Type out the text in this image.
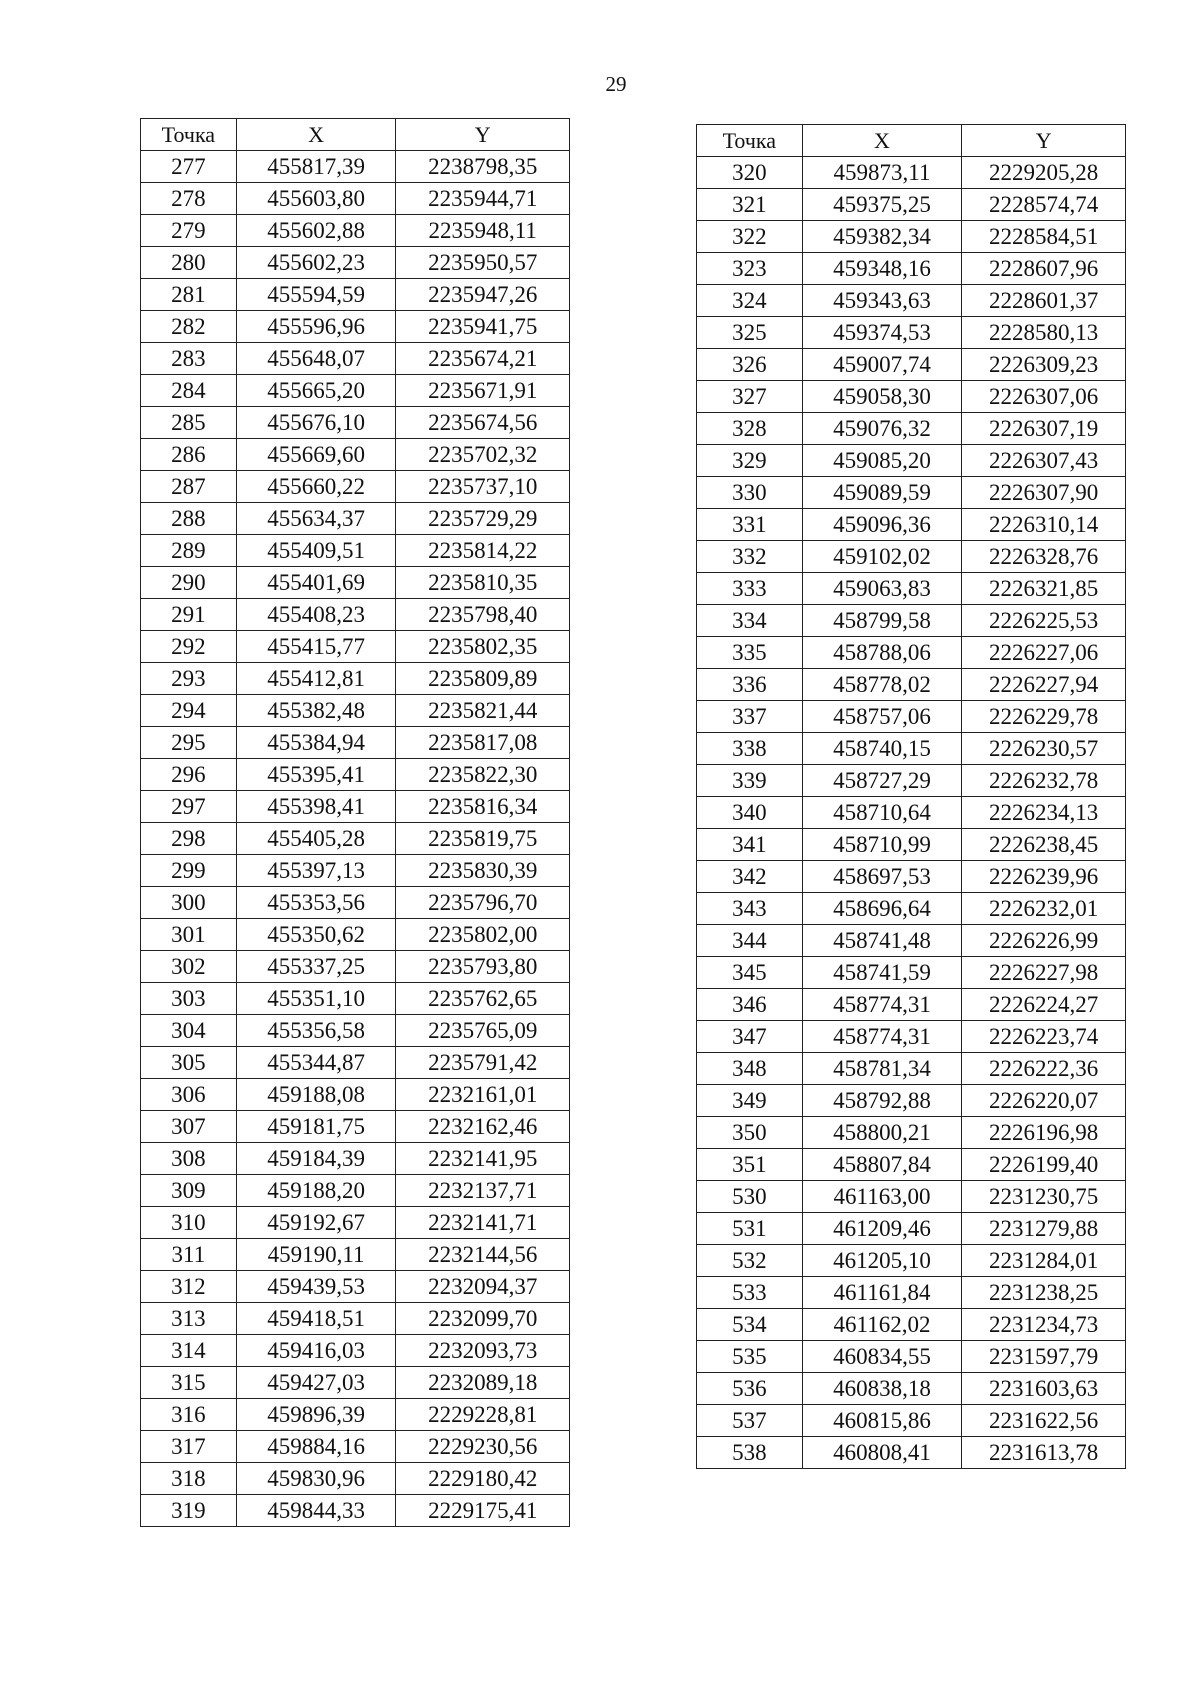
29
Точка	X	Y
277	455817,39	2238798,35
278	455603,80	2235944,71
279	455602,88	2235948,11
280	455602,23	2235950,57
281	455594,59	2235947,26
282	455596,96	2235941,75
283	455648,07	2235674,21
284	455665,20	2235671,91
285	455676,10	2235674,56
286	455669,60	2235702,32
287	455660,22	2235737,10
288	455634,37	2235729,29
289	455409,51	2235814,22
290	455401,69	2235810,35
291	455408,23	2235798,40
292	455415,77	2235802,35
293	455412,81	2235809,89
294	455382,48	2235821,44
295	455384,94	2235817,08
296	455395,41	2235822,30
297	455398,41	2235816,34
298	455405,28	2235819,75
299	455397,13	2235830,39
300	455353,56	2235796,70
301	455350,62	2235802,00
302	455337,25	2235793,80
303	455351,10	2235762,65
304	455356,58	2235765,09
305	455344,87	2235791,42
306	459188,08	2232161,01
307	459181,75	2232162,46
308	459184,39	2232141,95
309	459188,20	2232137,71
310	459192,67	2232141,71
311	459190,11	2232144,56
312	459439,53	2232094,37
313	459418,51	2232099,70
314	459416,03	2232093,73
315	459427,03	2232089,18
316	459896,39	2229228,81
317	459884,16	2229230,56
318	459830,96	2229180,42
319	459844,33	2229175,41
Точка	X	Y
320	459873,11	2229205,28
321	459375,25	2228574,74
322	459382,34	2228584,51
323	459348,16	2228607,96
324	459343,63	2228601,37
325	459374,53	2228580,13
326	459007,74	2226309,23
327	459058,30	2226307,06
328	459076,32	2226307,19
329	459085,20	2226307,43
330	459089,59	2226307,90
331	459096,36	2226310,14
332	459102,02	2226328,76
333	459063,83	2226321,85
334	458799,58	2226225,53
335	458788,06	2226227,06
336	458778,02	2226227,94
337	458757,06	2226229,78
338	458740,15	2226230,57
339	458727,29	2226232,78
340	458710,64	2226234,13
341	458710,99	2226238,45
342	458697,53	2226239,96
343	458696,64	2226232,01
344	458741,48	2226226,99
345	458741,59	2226227,98
346	458774,31	2226224,27
347	458774,31	2226223,74
348	458781,34	2226222,36
349	458792,88	2226220,07
350	458800,21	2226196,98
351	458807,84	2226199,40
530	461163,00	2231230,75
531	461209,46	2231279,88
532	461205,10	2231284,01
533	461161,84	2231238,25
534	461162,02	2231234,73
535	460834,55	2231597,79
536	460838,18	2231603,63
537	460815,86	2231622,56
538	460808,41	2231613,78
